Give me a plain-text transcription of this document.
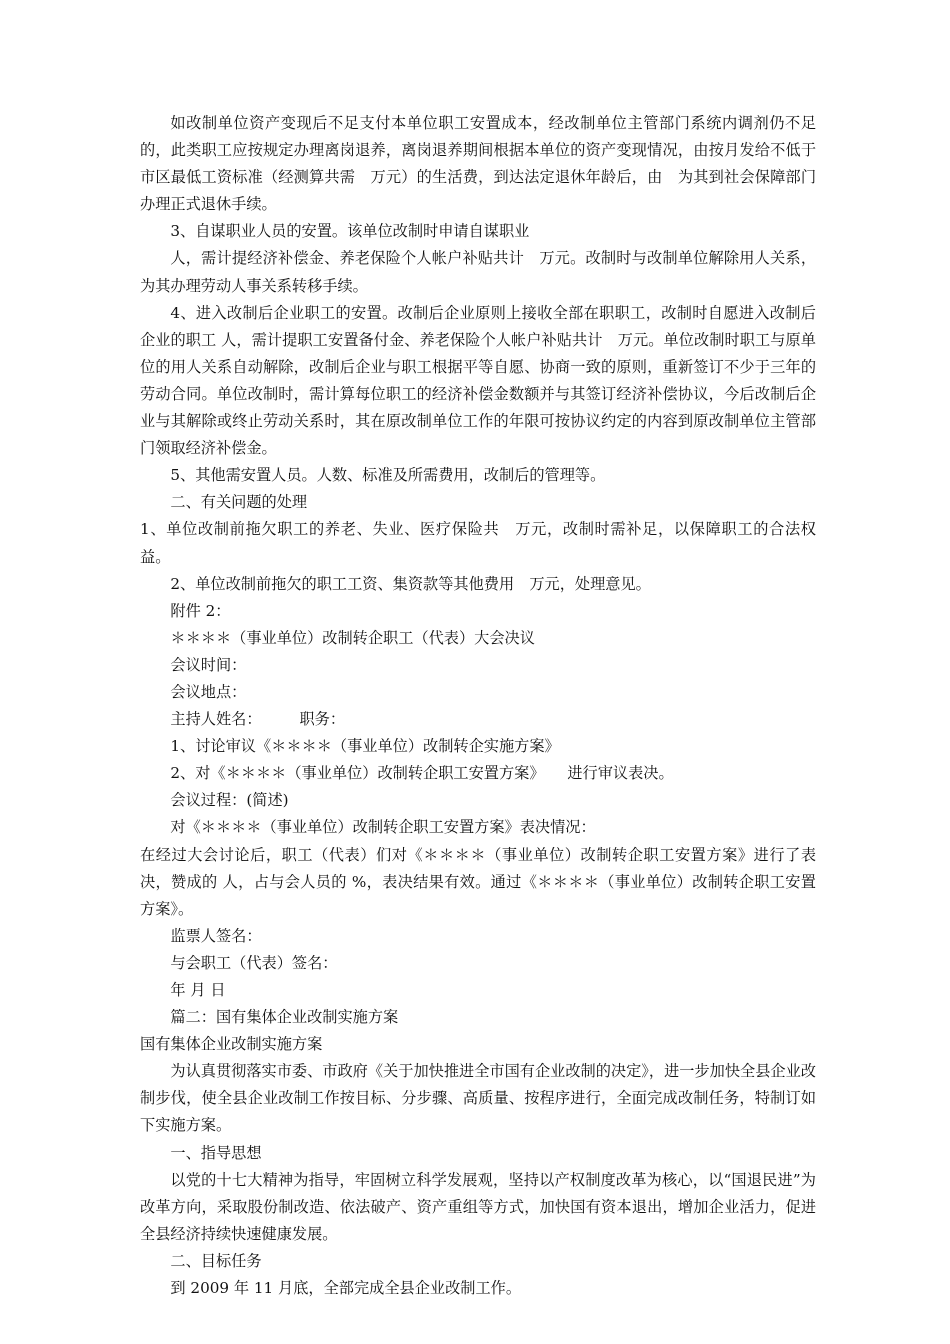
如改制单位资产变现后不足支付本单位职工安置成本，经改制单位主管部门系统内调剂仍不足的，此类职工应按规定办理离岗退养，离岗退养期间根据本单位的资产变现情况，由按月发给不低于市区最低工资标准（经测算共需　万元）的生活费，到达法定退休年龄后，由　为其到社会保障部门办理正式退休手续。

3、自谋职业人员的安置。该单位改制时申请自谋职业

人，需计提经济补偿金、养老保险个人帐户补贴共计　万元。改制时与改制单位解除用人关系，为其办理劳动人事关系转移手续。

4、进入改制后企业职工的安置。改制后企业原则上接收全部在职职工，改制时自愿进入改制后企业的职工 人，需计提职工安置备付金、养老保险个人帐户补贴共计　万元。单位改制时职工与原单位的用人关系自动解除，改制后企业与职工根据平等自愿、协商一致的原则，重新签订不少于三年的劳动合同。单位改制时，需计算每位职工的经济补偿金数额并与其签订经济补偿协议，今后改制后企业与其解除或终止劳动关系时，其在原改制单位工作的年限可按协议约定的内容到原改制单位主管部门领取经济补偿金。

5、其他需安置人员。人数、标准及所需费用，改制后的管理等。

二、有关问题的处理

1、单位改制前拖欠职工的养老、失业、医疗保险共　万元，改制时需补足，以保障职工的合法权益。

2、单位改制前拖欠的职工工资、集资款等其他费用　万元，处理意见。

附件 2：

＊＊＊＊（事业单位）改制转企职工（代表）大会决议

会议时间：

会议地点：

主持人姓名：　　　职务：

1、讨论审议《＊＊＊＊（事业单位）改制转企实施方案》

2、对《＊＊＊＊（事业单位）改制转企职工安置方案》　　进行审议表决。

会议过程：(简述)

对《＊＊＊＊（事业单位）改制转企职工安置方案》表决情况：

在经过大会讨论后，职工（代表）们对《＊＊＊＊（事业单位）改制转企职工安置方案》进行了表决，赞成的 人，占与会人员的 %，表决结果有效。通过《＊＊＊＊（事业单位）改制转企职工安置方案》。

监票人签名：

与会职工（代表）签名：

年 月 日

篇二：国有集体企业改制实施方案

国有集体企业改制实施方案

为认真贯彻落实市委、市政府《关于加快推进全市国有企业改制的决定》，进一步加快全县企业改制步伐，使全县企业改制工作按目标、分步骤、高质量、按程序进行，全面完成改制任务，特制订如下实施方案。

一、指导思想

以党的十七大精神为指导，牢固树立科学发展观，坚持以产权制度改革为核心，以“国退民进”为改革方向，采取股份制改造、依法破产、资产重组等方式，加快国有资本退出，增加企业活力，促进全县经济持续快速健康发展。

二、目标任务

到 2009 年 11 月底，全部完成全县企业改制工作。
